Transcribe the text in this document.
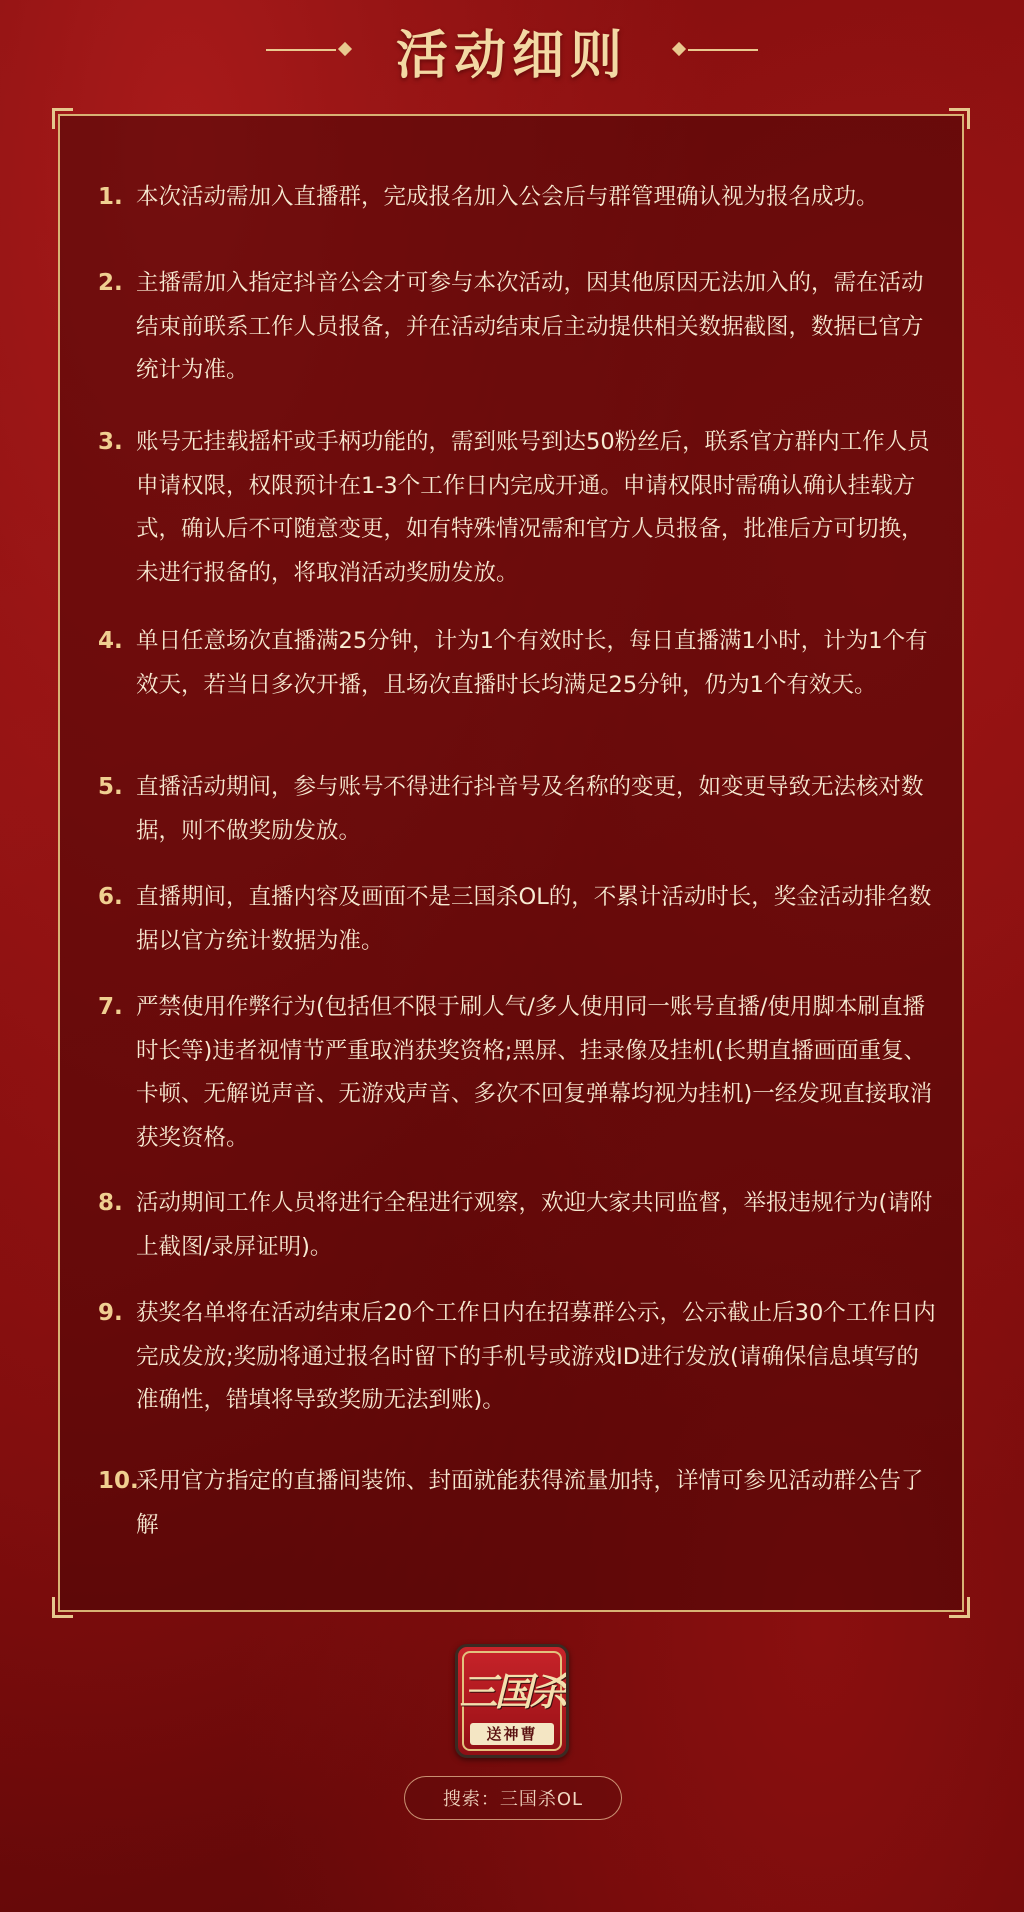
活动细则
1. 本次活动需加入直播群，完成报名加入公会后与群管理确认视为报名成功。
2. 主播需加入指定抖音公会才可参与本次活动，因其他原因无法加入的，需在活动结束前联系工作人员报备，并在活动结束后主动提供相关数据截图，数据已官方统计为准。
3. 账号无挂载摇杆或手柄功能的，需到账号到达50粉丝后，联系官方群内工作人员申请权限，权限预计在1-3个工作日内完成开通。申请权限时需确认确认挂载方式，确认后不可随意变更，如有特殊情况需和官方人员报备，批准后方可切换，未进行报备的，将取消活动奖励发放。
4. 单日任意场次直播满25分钟，计为1个有效时长，每日直播满1小时，计为1个有效天，若当日多次开播，且场次直播时长均满足25分钟，仍为1个有效天。
5. 直播活动期间，参与账号不得进行抖音号及名称的变更，如变更导致无法核对数据，则不做奖励发放。
6. 直播期间，直播内容及画面不是三国杀OL的，不累计活动时长，奖金活动排名数据以官方统计数据为准。
7. 严禁使用作弊行为(包括但不限于刷人气/多人使用同一账号直播/使用脚本刷直播时长等)违者视情节严重取消获奖资格;黑屏、挂录像及挂机(长期直播画面重复、卡顿、无解说声音、无游戏声音、多次不回复弹幕均视为挂机)一经发现直接取消获奖资格。
8. 活动期间工作人员将进行全程进行观察，欢迎大家共同监督，举报违规行为(请附上截图/录屏证明)。
9. 获奖名单将在活动结束后20个工作日内在招募群公示，公示截止后30个工作日内完成发放;奖励将通过报名时留下的手机号或游戏ID进行发放(请确保信息填写的准确性，错填将导致奖励无法到账)。
10.
采用官方指定的直播间装饰、封面就能获得流量加持，详情可参见活动群公告了解
三国杀
送神曹
搜索：三国杀OL
